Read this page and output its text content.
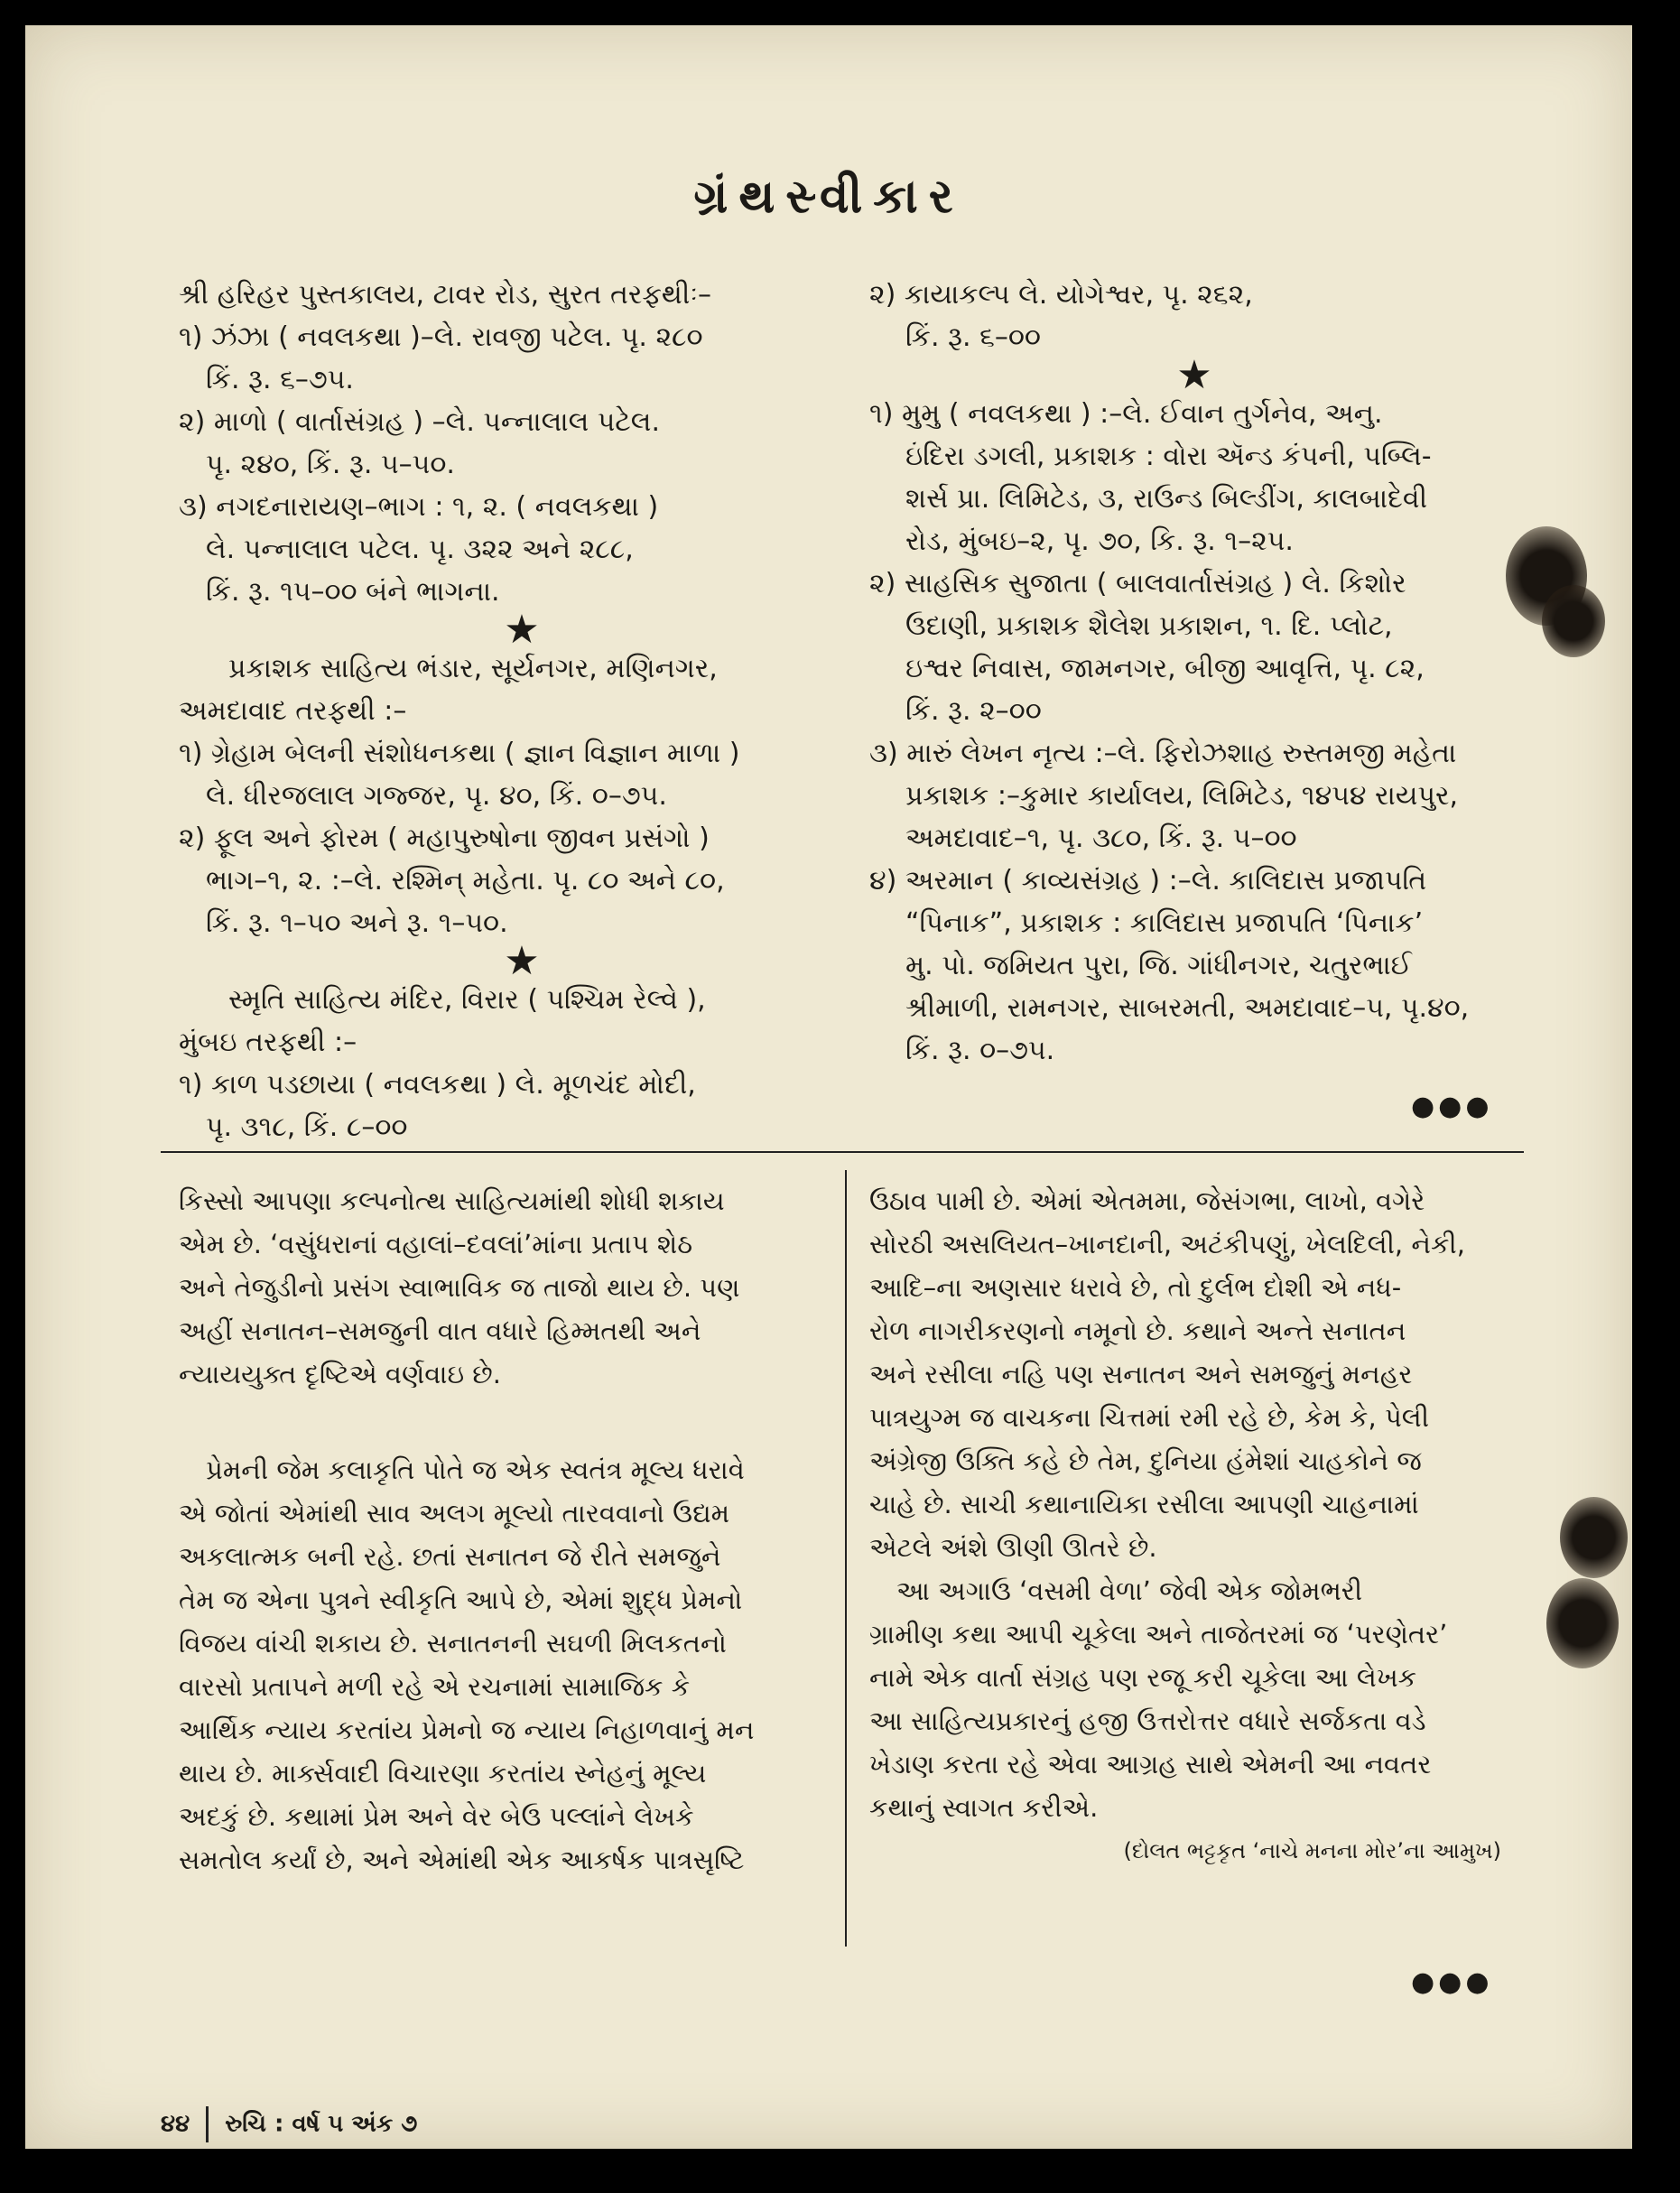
ગ્રંથસ્વીકાર

શ્રી હરિહર પુસ્તકાલય, ટાવર રોડ, સુરત તરફથીઃ–

૧) ઝંઝા ( નવલકથા )–લે. રાવજી પટેલ. પૃ. ૨૮૦

કિં. રૂ. ૬–૭૫.

૨) માળો ( વાર્તાસંગ્રહ ) –લે. પન્નાલાલ પટેલ.

પૃ. ૨૪૦, કિં. રૂ. ૫–૫૦.

૩) નગદનારાયણ–ભાગ : ૧, ૨. ( નવલકથા )

લે. પન્નાલાલ પટેલ. પૃ. ૩૨૨ અને ૨૮૮,

કિં. રૂ. ૧૫–૦૦ બંને ભાગના.

★

પ્રકાશક સાહિત્ય ભંડાર, સૂર્યનગર, મણિનગર,

અમદાવાદ તરફથી :–

૧) ગ્રેહામ બેલની સંશોધનકથા ( જ્ઞાન વિજ્ઞાન માળા )

લે. ધીરજલાલ ગજ્જર, પૃ. ૪૦, કિં. ૦–૭૫.

૨) ફૂલ અને ફોરમ ( મહાપુરુષોના જીવન પ્રસંગો )

ભાગ–૧, ૨. :–લે. રશ્મિન્ મહેતા. પૃ. ૮૦ અને ૮૦,

કિં. રૂ. ૧–૫૦ અને રૂ. ૧–૫૦.

★

સ્મૃતિ સાહિત્ય મંદિર, વિરાર ( પશ્ચિમ રેલ્વે ),

મુંબઇ તરફથી :–

૧) કાળ પડછાયા ( નવલકથા ) લે. મૂળચંદ મોદી,

પૃ. ૩૧૮, કિં. ૮–૦૦

૨) કાયાકલ્પ લે. યોગેશ્વર, પૃ. ૨૬૨,

કિં. રૂ. ૬–૦૦

★

૧) મુમુ ( નવલકથા ) :–લે. ઈવાન તુર્ગનેવ, અનુ.

ઇંદિરા ડગલી, પ્રકાશક : વોરા ઍન્ડ કંપની, પબ્લિ-

શર્સ પ્રા. લિમિટેડ, ૩, રાઉન્ડ બિલ્ડીંગ, કાલબાદેવી

રોડ, મુંબઇ–૨, પૃ. ૭૦, કિ. રૂ. ૧–૨૫.

૨) સાહસિક સુજાતા ( બાલવાર્તાસંગ્રહ ) લે. કિશોર

ઉદાણી, પ્રકાશક શૈલેશ પ્રકાશન, ૧. દિ. પ્લોટ,

ઇશ્વર નિવાસ, જામનગર, બીજી આવૃત્તિ, પૃ. ૮૨,

કિં. રૂ. ૨–૦૦

૩) મારું લેખન નૃત્ય :–લે. ફિરોઝશાહ રુસ્તમજી મહેતા

પ્રકાશક :–કુમાર કાર્યાલય, લિમિટેડ, ૧૪૫૪ રાયપુર,

અમદાવાદ–૧, પૃ. ૩૮૦, કિં. રૂ. ૫–૦૦

૪) અરમાન ( કાવ્યસંગ્રહ ) :–લે. કાલિદાસ પ્રજાપતિ

“પિનાક”, પ્રકાશક : કાલિદાસ પ્રજાપતિ ‘પિનાક’

મુ. પો. જમિયત પુરા, જિ. ગાંધીનગર, ચતુરભાઈ

શ્રીમાળી, રામનગર, સાબરમતી, અમદાવાદ–૫, પૃ.૪૦,

કિં. રૂ. ૦–૭૫.

●●●

કિસ્સો આપણા કલ્પનોત્થ સાહિત્યમાંથી શોધી શકાય

એમ છે. ‘વસુંધરાનાં વહાલાં–દવલાં’માંના પ્રતાપ શેઠ

અને તેજુડીનો પ્રસંગ સ્વાભાવિક જ તાજો થાય છે. પણ

અહીં સનાતન–સમજુની વાત વધારે હિમ્મતથી અને

ન્યાયયુક્ત દૃષ્ટિએ વર્ણવાઇ છે.

પ્રેમની જેમ કલાકૃતિ પોતે જ એક સ્વતંત્ર મૂલ્ય ધરાવે

એ જોતાં એમાંથી સાવ અલગ મૂલ્યો તારવવાનો ઉદ્યમ

અકલાત્મક બની રહે. છતાં સનાતન જે રીતે સમજુને

તેમ જ એના પુત્રને સ્વીકૃતિ આપે છે, એમાં શુદ્ધ પ્રેમનો

વિજય વાંચી શકાય છે. સનાતનની સઘળી મિલકતનો

વારસો પ્રતાપને મળી રહે એ રચનામાં સામાજિક કે

આર્થિક ન્યાય કરતાંય પ્રેમનો જ ન્યાય નિહાળવાનું મન

થાય છે. માર્ક્સવાદી વિચારણા કરતાંય સ્નેહનું મૂલ્ય

અદકું છે. કથામાં પ્રેમ અને વેર બેઉ પલ્લાંને લેખકે

સમતોલ કર્યાં છે, અને એમાંથી એક આકર્ષક પાત્રસૃષ્ટિ

ઉઠાવ પામી છે. એમાં એતમમા, જેસંગભા, લાખો, વગેરે

સોરઠી અસલિયત–ખાનદાની, અટંકીપણું, ખેલદિલી, નેકી,

આદિ–ના અણસાર ધરાવે છે, તો દુર્લભ દોશી એ નધ-

રોળ નાગરીકરણનો નમૂનો છે. કથાને અન્તે સનાતન

અને રસીલા નહિ પણ સનાતન અને સમજુનું મનહર

પાત્રયુગ્મ જ વાચકના ચિત્તમાં રમી રહે છે, કેમ કે, પેલી

અંગ્રેજી ઉક્તિ કહે છે તેમ, દુનિયા હંમેશાં ચાહકોને જ

ચાહે છે. સાચી કથાનાયિકા રસીલા આપણી ચાહનામાં

એટલે અંશે ઊણી ઊતરે છે.

આ અગાઉ ‘વસમી વેળા’ જેવી એક જોમભરી

ગ્રામીણ કથા આપી ચૂકેલા અને તાજેતરમાં જ ‘પરણેતર’

નામે એક વાર્તા સંગ્રહ પણ રજૂ કરી ચૂકેલા આ લેખક

આ સાહિત્યપ્રકારનું હજી ઉત્તરોત્તર વધારે સર્જકતા વડે

ખેડાણ કરતા રહે એવા આગ્રહ સાથે એમની આ નવતર

કથાનું સ્વાગત કરીએ.

(દોલત ભટ્ટકૃત ‘નાચે મનના મોર’ના આમુખ)

●●●
૪૪ રુચિ : વર્ષ ૫ અંક ૭
